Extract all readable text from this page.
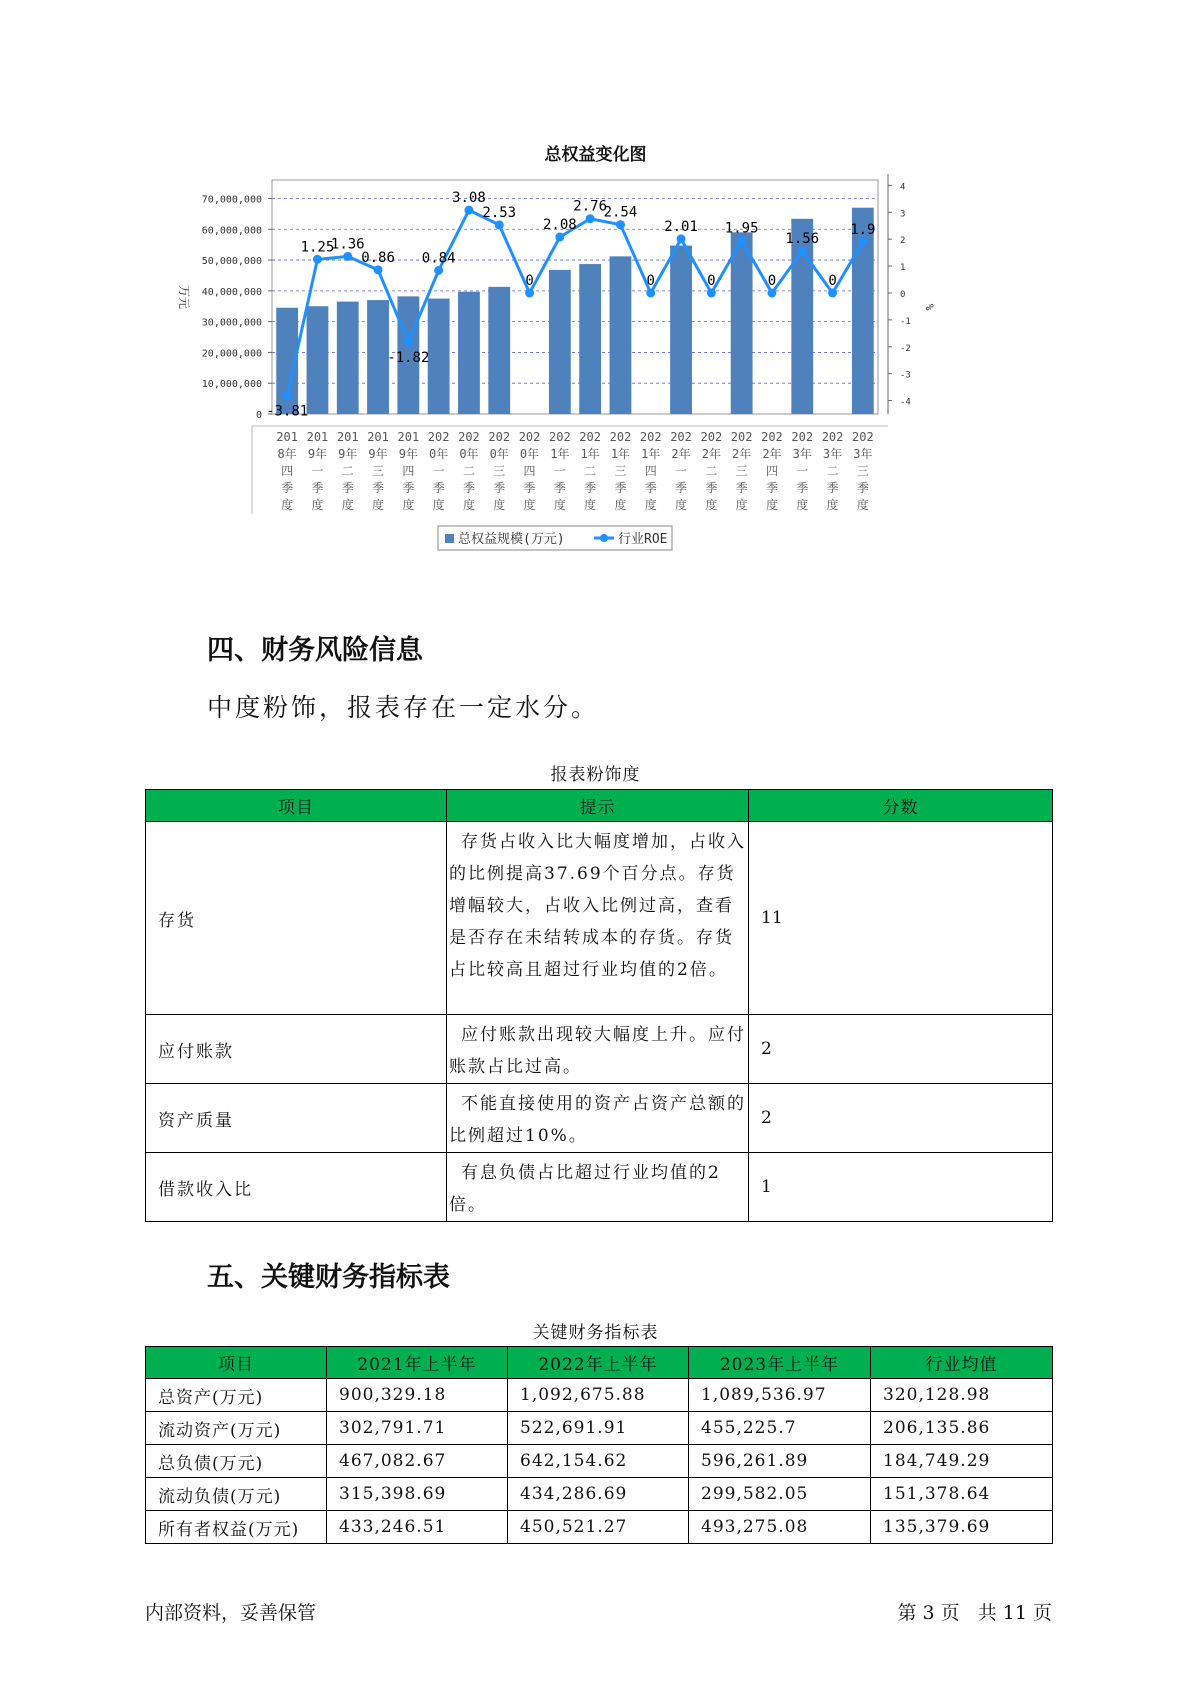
总权益变化图
0
10,000,000
20,000,000
30,000,000
40,000,000
50,000,000
60,000,000
70,000,000
-4
-3
-2
-1
0
1
2
3
4
万元	%
-3.81
1.25
1.36
0.86
-1.82
0.84
3.08
2.53
0
2.08
2.76
2.54
0
2.01
0
1.95
0
1.56
0
1.9
201
8年
四
季
度
201
9年
一
季
度
201
9年
二
季
度
201
9年
三
季
度
201
9年
四
季
度
202
0年
一
季
度
202
0年
二
季
度
202
0年
三
季
度
202
0年
四
季
度
202
1年
一
季
度
202
1年
二
季
度
202
1年
三
季
度
202
1年
四
季
度
202
2年
一
季
度
202
2年
二
季
度
202
2年
三
季
度
202
2年
四
季
度
202
3年
一
季
度
202
3年
二
季
度
202
3年
三
季
度
总权益规模(万元)	行业ROE
四、财务风险信息
中度粉饰，报表存在一定水分。
报表粉饰度
项目	提示	分数
存货	存货占收入比大幅度增加，占收入的比例提高37.69个百分点。存货增幅较大，占收入比例过高，查看是否存在未结转成本的存货。存货占比较高且超过行业均值的2倍。	11
应付账款	应付账款出现较大幅度上升。应付账款占比过高。	2
资产质量	不能直接使用的资产占资产总额的比例超过10%。	2
借款收入比	有息负债占比超过行业均值的2倍。	1
五、关键财务指标表
关键财务指标表
项目	2021年上半年	2022年上半年	2023年上半年	行业均值
总资产(万元)	900,329.18	1,092,675.88	1,089,536.97	320,128.98
流动资产(万元)	302,791.71	522,691.91	455,225.7	206,135.86
总负债(万元)	467,082.67	642,154.62	596,261.89	184,749.29
流动负债(万元)	315,398.69	434,286.69	299,582.05	151,378.64
所有者权益(万元)	433,246.51	450,521.27	493,275.08	135,379.69
内部资料，妥善保管	第 3 页   共 11 页
